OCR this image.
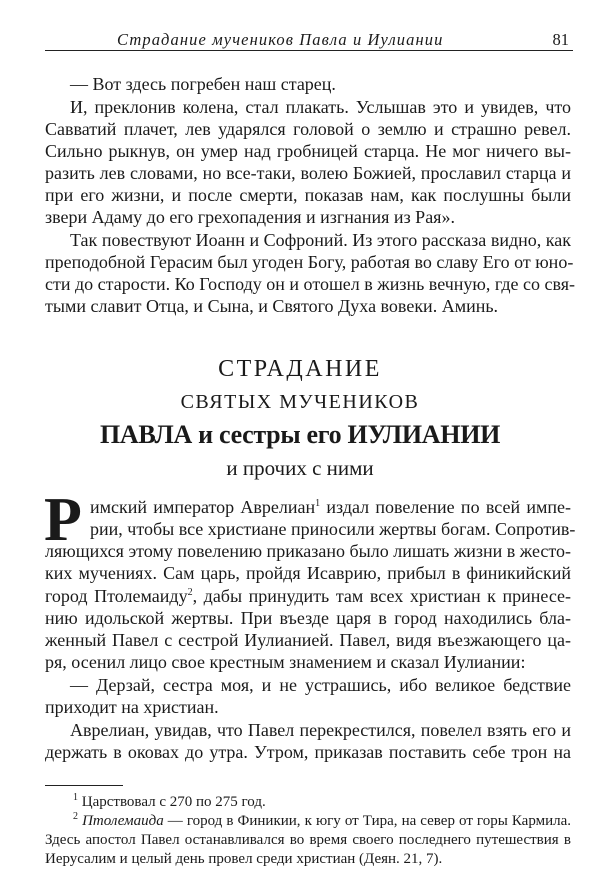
Страдание мучеников Павла и Иулиании	81
— Вот здесь погребен наш старец.
И, преклонив колена, стал плакать. Услышав это и увидев, что
Савватий плачет, лев ударялся головой о землю и страшно ревел.
Сильно рыкнув, он умер над гробницей старца. Не мог ничего вы-
разить лев словами, но все-таки, волею Божией, прославил старца и
при его жизни, и после смерти, показав нам, как послушны были
звери Адаму до его грехопадения и изгнания из Рая».
Так повествуют Иоанн и Софроний. Из этого рассказа видно, как
преподобной Герасим был угоден Богу, работая во славу Его от юно-
сти до старости. Ко Господу он и отошел в жизнь вечную, где со свя-
тыми славит Отца, и Сына, и Святого Духа вовеки. Аминь.
СТРАДАНИЕ
СВЯТЫХ МУЧЕНИКОВ
ПАВЛА и сестры его ИУЛИАНИИ
и прочих с ними
Р имский император Аврелиан$^1$ издал повеление по всей импе-
рии, чтобы все христиане приносили жертвы богам. Сопротив-
ляющихся этому повелению приказано было лишать жизни в жесто-
ких мучениях. Сам царь, пройдя Исаврию, прибыл в финикийский
город Птолемаиду$^2$, дабы принудить там всех христиан к принесе-
нию идольской жертвы. При въезде царя в город находились бла-
женный Павел с сестрой Иулианией. Павел, видя въезжающего ца-
ря, осенил лицо свое крестным знамением и сказал Иулиании:
— Дерзай, сестра моя, и не устрашись, ибо великое бедствие
приходит на христиан.
Аврелиан, увидав, что Павел перекрестился, повелел взять его и
держать в оковах до утра. Утром, приказав поставить себе трон на
$^1$ Царствовал с 270 по 275 год.
$^2$ Птолемаида — город в Финикии, к югу от Тира, на север от горы Кармила.
Здесь апостол Павел останавливался во время своего последнего путешествия в
Иерусалим и целый день провел среди христиан (Деян. 21, 7).
